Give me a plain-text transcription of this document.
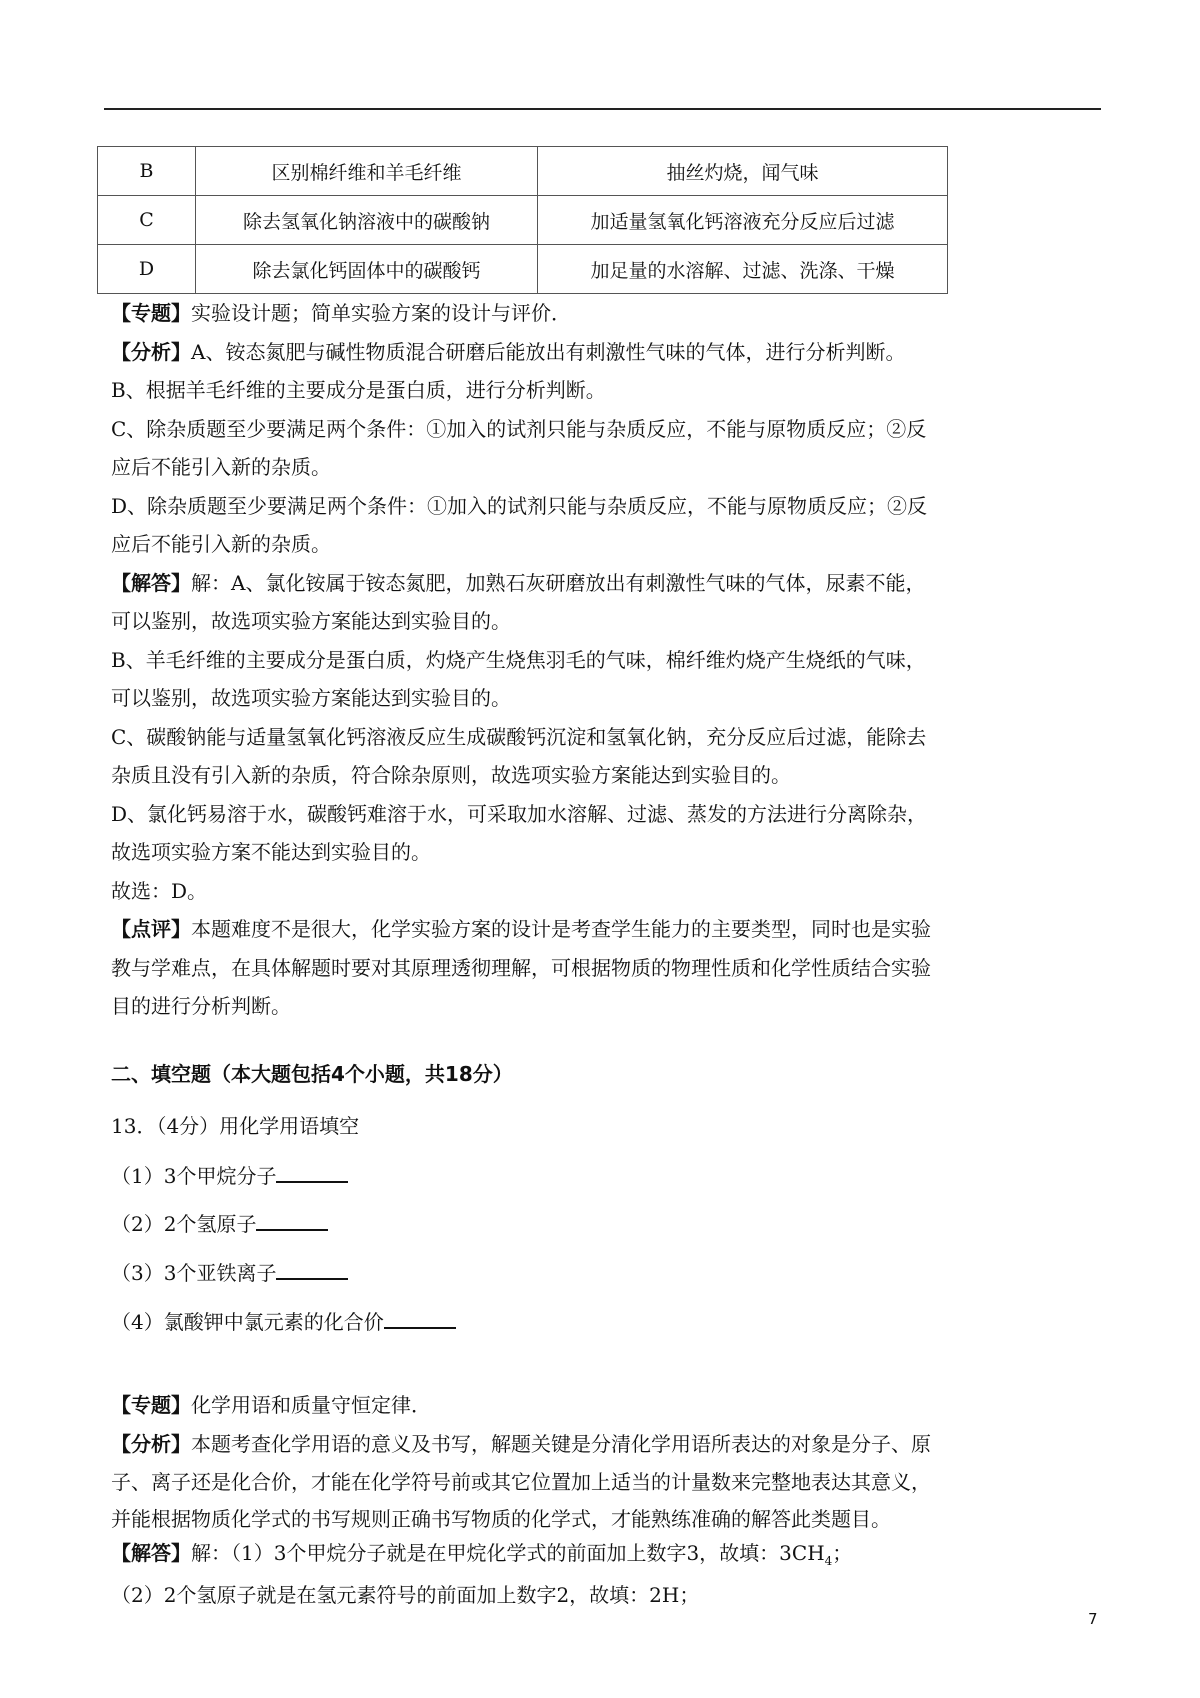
B	区别棉纤维和羊毛纤维	抽丝灼烧，闻气味
C	除去氢氧化钠溶液中的碳酸钠	加适量氢氧化钙溶液充分反应后过滤
D	除去氯化钙固体中的碳酸钙	加足量的水溶解、过滤、洗涤、干燥

【专题】实验设计题；简单实验方案的设计与评价．

【分析】A、铵态氮肥与碱性物质混合研磨后能放出有刺激性气味的气体，进行分析判断。

B、根据羊毛纤维的主要成分是蛋白质，进行分析判断。

C、除杂质题至少要满足两个条件：①加入的试剂只能与杂质反应，不能与原物质反应；②反

应后不能引入新的杂质。

D、除杂质题至少要满足两个条件：①加入的试剂只能与杂质反应，不能与原物质反应；②反

应后不能引入新的杂质。

【解答】解：A、氯化铵属于铵态氮肥，加熟石灰研磨放出有刺激性气味的气体，尿素不能，

可以鉴别，故选项实验方案能达到实验目的。

B、羊毛纤维的主要成分是蛋白质，灼烧产生烧焦羽毛的气味，棉纤维灼烧产生烧纸的气味，

可以鉴别，故选项实验方案能达到实验目的。

C、碳酸钠能与适量氢氧化钙溶液反应生成碳酸钙沉淀和氢氧化钠，充分反应后过滤，能除去

杂质且没有引入新的杂质，符合除杂原则，故选项实验方案能达到实验目的。

D、氯化钙易溶于水，碳酸钙难溶于水，可采取加水溶解、过滤、蒸发的方法进行分离除杂，

故选项实验方案不能达到实验目的。

故选：D。

【点评】本题难度不是很大，化学实验方案的设计是考查学生能力的主要类型，同时也是实验

教与学难点，在具体解题时要对其原理透彻理解，可根据物质的物理性质和化学性质结合实验

目的进行分析判断。

二、填空题（本大题包括4个小题，共18分）
13．（4分）用化学用语填空
（1）3个甲烷分子
（2）2个氢原子
（3）3个亚铁离子
（4）氯酸钾中氯元素的化合价

【专题】化学用语和质量守恒定律．

【分析】本题考查化学用语的意义及书写，解题关键是分清化学用语所表达的对象是分子、原

子、离子还是化合价，才能在化学符号前或其它位置加上适当的计量数来完整地表达其意义，

并能根据物质化学式的书写规则正确书写物质的化学式，才能熟练准确的解答此类题目。

【解答】解：（1）3个甲烷分子就是在甲烷化学式的前面加上数字3，故填：$3CH_4$；

（2）2个氢原子就是在氢元素符号的前面加上数字2，故填：2H；

7
